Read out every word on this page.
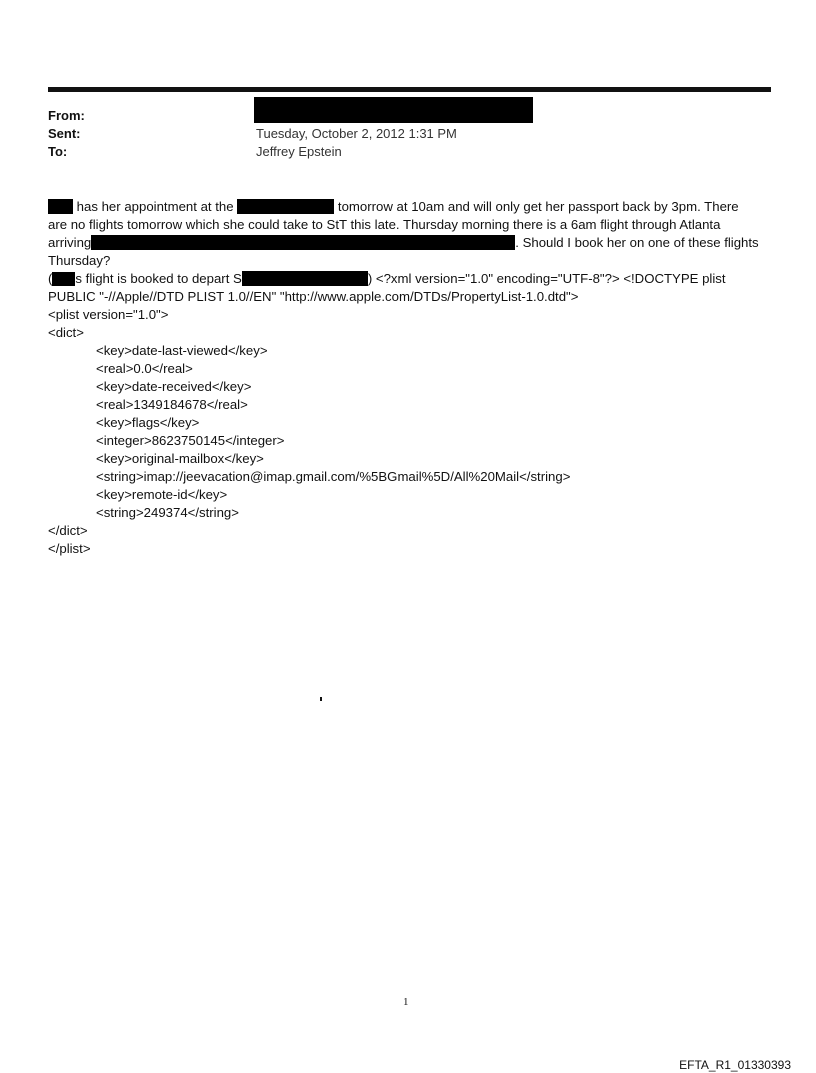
From:
Sent:	Tuesday, October 2, 2012 1:31 PM
To:	Jeffrey Epstein
has her appointment at the	tomorrow at 10am and will only get her passport back by 3pm. There
are no flights tomorrow which she could take to StT this late. Thursday morning there is a 6am flight through Atlanta
arriving	. Should I book her on one of these flights
Thursday?
( s flight is booked to depart S	) <?xml version="1.0" encoding="UTF-8"?> <!DOCTYPE plist
PUBLIC "-//Apple//DTD PLIST 1.0//EN" "http://www.apple.com/DTDs/PropertyList-1.0.dtd">
<plist version="1.0">
<dict>
<key>date-last-viewed</key>
<real>0.0</real>
<key>date-received</key>
<real>1349184678</real>
<key>flags</key>
<integer>8623750145</integer>
<key>original-mailbox</key>
<string>imap://jeevacation@imap.gmail.com/%5BGmail%5D/All%20Mail</string>
<key>remote-id</key>
<string>249374</string>
</dict>
</plist>
1
EFTA_R1_01330393
